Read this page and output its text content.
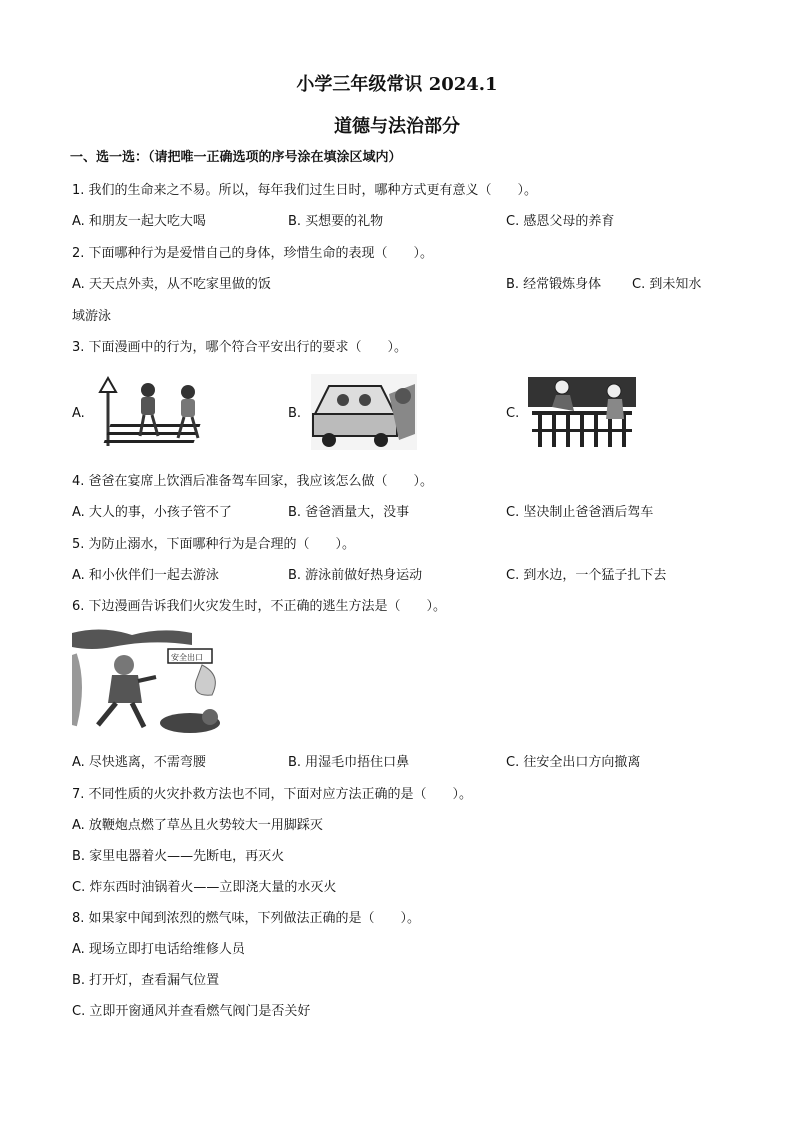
小学三年级常识 2024.1
道德与法治部分
一、选一选：（请把唯一正确选项的序号涂在填涂区域内）
1. 我们的生命来之不易。所以，每年我们过生日时，哪种方式更有意义（　　）。
A. 和朋友一起大吃大喝	B. 买想要的礼物	C. 感恩父母的养育
2. 下面哪种行为是爱惜自己的身体，珍惜生命的表现（　　）。
A. 天天点外卖，从不吃家里做的饭	B. 经常锻炼身体 C. 到未知水
域游泳
3. 下面漫画中的行为，哪个符合平安出行的要求（　　）。
A.	B.	C.
4. 爸爸在宴席上饮酒后准备驾车回家，我应该怎么做（　　）。
A. 大人的事，小孩子管不了	B. 爸爸酒量大，没事	C. 坚决制止爸爸酒后驾车
5. 为防止溺水，下面哪种行为是合理的（　　）。
A. 和小伙伴们一起去游泳	B. 游泳前做好热身运动	C. 到水边，一个猛子扎下去
6. 下边漫画告诉我们火灾发生时，不正确的逃生方法是（　　）。
安全出口
A. 尽快逃离，不需弯腰	B. 用湿毛巾捂住口鼻	C. 往安全出口方向撤离
7. 不同性质的火灾扑救方法也不同，下面对应方法正确的是（　　）。
A. 放鞭炮点燃了草丛且火势较大一用脚踩灭
B. 家里电器着火——先断电，再灭火
C. 炸东西时油锅着火——立即浇大量的水灭火
8. 如果家中闻到浓烈的燃气味，下列做法正确的是（　　）。
A. 现场立即打电话给维修人员
B. 打开灯，查看漏气位置
C. 立即开窗通风并查看燃气阀门是否关好
